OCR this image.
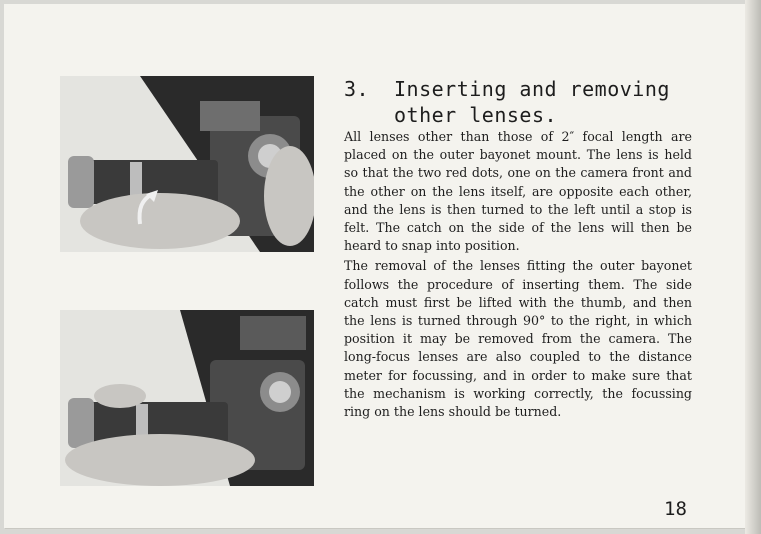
3. Inserting and removing
other lenses.

All lenses other than those of 2″ focal length are placed on the outer bayonet mount. The lens is held so that the two red dots, one on the camera front and the other on the lens itself, are opposite each other, and the lens is then turned to the left until a stop is felt. The catch on the side of the lens will then be heard to snap into position.

The removal of the lenses fitting the outer bayonet follows the procedure of inserting them. The side catch must first be lifted with the thumb, and then the lens is turned through 90° to the right, in which position it may be removed from the camera. The long-focus lenses are also coupled to the distance meter for focussing, and in order to make sure that the mechanism is working correctly, the focussing ring on the lens should be turned.

18
